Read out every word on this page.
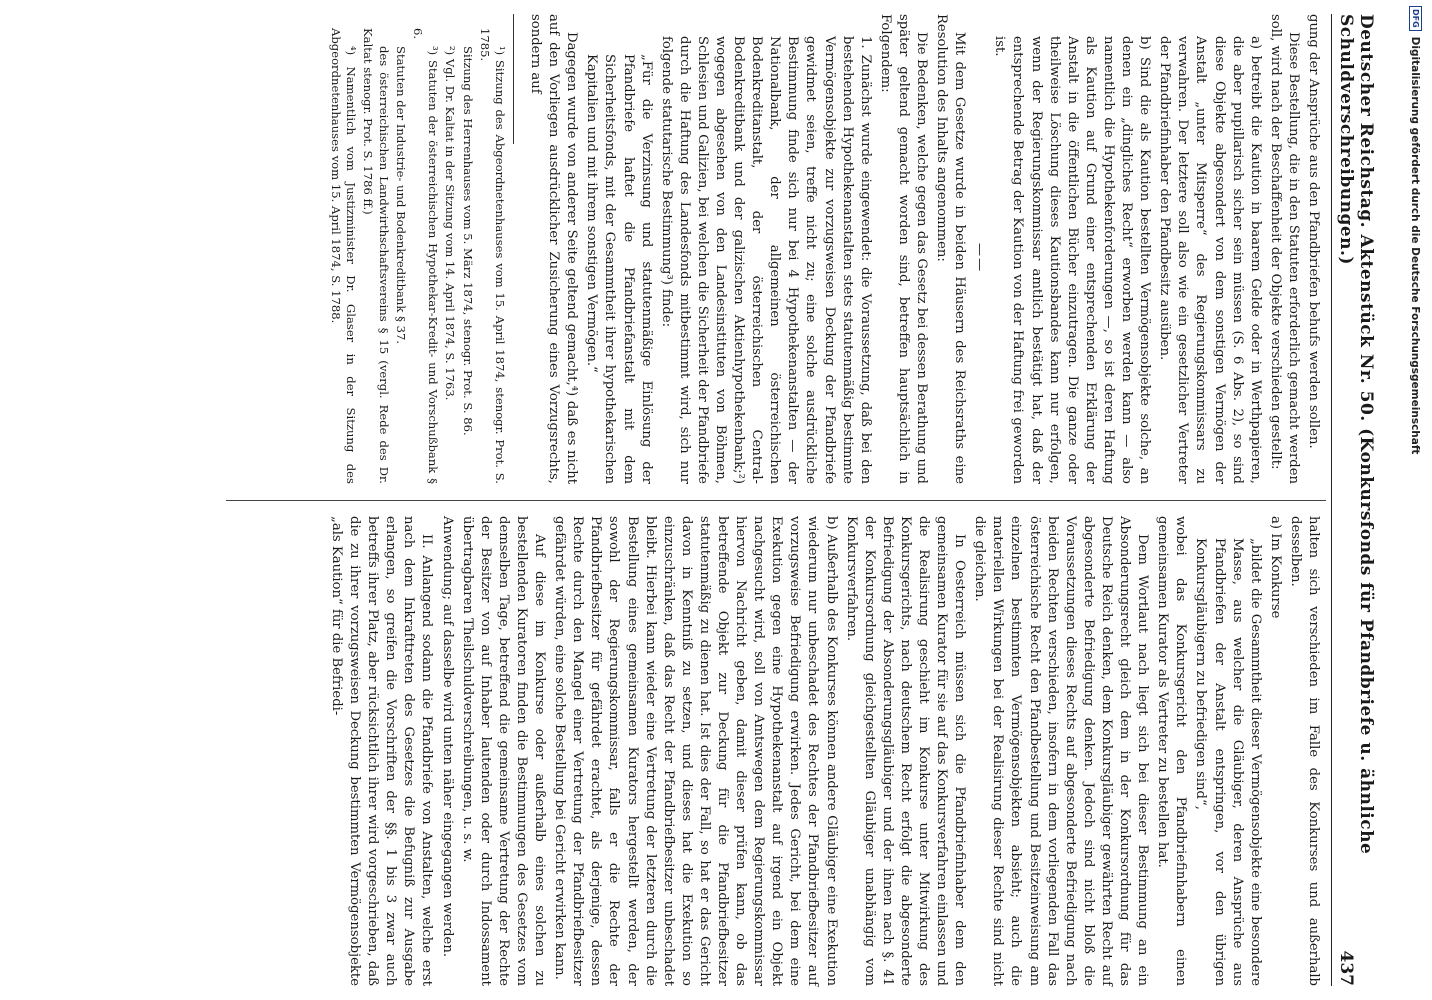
Deutscher Reichstag. Aktenstück Nr. 50. (Konkursfonds für Pfandbriefe u. ähnliche Schuldverschreibungen.)
437

gung der Ansprüche aus den Pfandbriefen behufs werden sollen.

Diese Bestellung, die in den Statuten erforderlich gemacht werden soll, wird nach der Beschaffenheit der Objekte verschieden gestellt:

a) betreibt die Kaution in baarem Gelde oder in Werthpapieren, die aber pupillarisch sicher sein müssen (S. 6 Abs. 2), so sind diese Objekte abgesondert von dem sonstigen Vermögen der Anstalt „unter Mitsperre“ des Regierungskommissars zu verwahren. Der letztere soll also wie ein gesetzlicher Vertreter der Pfandbriefinhaber den Pfandbesitz ausüben.

b) Sind die als Kaution bestellten Vermögensobjekte solche, an denen ein „dingliches Recht“ erworben werden kann — also namentlich die Hypothekenforderungen —, so ist deren Haftung als Kaution auf Grund einer entsprechenden Erklärung der Anstalt in die öffentlichen Bücher einzutragen. Die ganze oder theilweise Löschung dieses Kautionsbandes kann nur erfolgen, wenn der Regierungskommissar amtlich bestätigt hat, daß der entsprechende Betrag der Kaution von der Haftung frei geworden ist.

——

Mit dem Gesetze wurde in beiden Häusern des Reichsraths eine Resolution des Inhalts angenommen:

Die Bedenken, welche gegen das Gesetz bei dessen Berathung und später geltend gemacht worden sind, betreffen hauptsächlich in Folgendem:

1. Zunächst wurde eingewendet: die Voraussetzung, daß bei den bestehenden Hypothekenanstalten stets statutenmäßig bestimmte Vermögensobjekte zur vorzugsweisen Deckung der Pfandbriefe gewidmet seien, treffe nicht zu; eine solche ausdrückliche Bestimmung finde sich nur bei 4 Hypothekenanstalten — der Nationalbank, der allgemeinen österreichischen Bodenkreditanstalt, der österreichischen Central-Bodenkreditbank und der galizischen Aktienhypothekenbank;²) wogegen abgesehen von den Landesinstituten von Böhmen, Schlesien und Galizien, bei welchen die Sicherheit der Pfandbriefe durch die Haftung des Landesfonds mitbestimmt wird, sich nur folgende statutarische Bestimmung³) finde:

„Für die Verzinsung und statutenmäßige Einlösung der Pfandbriefe haftet die Pfandbriefanstalt mit dem Sicherheitsfonds, mit der Gesammtheit ihrer hypothekarischen Kapitalien und mit ihrem sonstigen Vermögen.“

Dagegen wurde von anderer Seite geltend gemacht,⁴) daß es nicht auf den Vorliegen ausdrücklicher Zusicherung eines Vorzugsrechts, sondern auf

¹) Sitzung des Abgeordnetenhauses vom 15. April 1874, stenogr. Prot. S. 1785.

Sitzung des Herrenhauses vom 5. März 1874, stenogr. Prot. S. 86.

²) Vgl. Dr. Kaltat in der Sitzung vom 14. April 1874, S. 1763.

³) Statuten der österreichischen Hypothekar-Kredit- und Vorschußbank § 6.

Statuten der Industrie- und Bodenkreditbank § 37.

des österreichischen Landwirthschaftsvereins § 15 (vergl. Rede des Dr. Kaltat stenogr. Prot. S. 1786 ff.)

⁴) Namentlich vom Justizminister Dr. Glaser in der Sitzung des Abgeordnetenhauses vom 15. April 1874, S. 1788.

halten sich verschieden im Falle des Konkurses und außerhalb desselben.

a) Im Konkurse

„bildet die Gesammtheit dieser Vermögensobjekte eine besondere Masse, aus welcher die Gläubiger, deren Ansprüche aus Pfandbriefen der Anstalt entspringen, vor den übrigen Konkursgläubigern zu befriedigen sind“,

wobei das Konkursgericht den Pfandbriefinhabern einen gemeinsamen Kurator als Vertreter zu bestellen hat.

Dem Wortlaut nach liegt sich bei dieser Bestimmung an ein Absonderungsrecht gleich dem in der Konkursordnung für das Deutsche Reich denken, dem Konkursgläubiger gewährten Recht auf abgesonderte Befriedigung denken. Jedoch sind nicht bloß die Voraussetzungen dieses Rechts auf abgesonderte Befriedigung nach beiden Rechten verschieden, insofern in dem vorliegenden Fall das österreichische Recht den Pfandbestellung und Besitzeinweisung am einzelnen bestimmten Vermögensobjekten absieht; auch die materiellen Wirkungen bei der Realisirung dieser Rechte sind nicht die gleichen.

In Oesterreich müssen sich die Pfandbriefinhaber dem den gemeinsamen Kurator für sie auf das Konkursverfahren einlassen und die Realisirung geschieht im Konkurse unter Mitwirkung des Konkursgerichts, nach deutschem Recht erfolgt die abgesonderte Befriedigung der Absonderungsgläubiger und der ihnen nach §. 41 der Konkursordnung gleichgestellten Gläubiger unabhängig vom Konkursverfahren.

b) Außerhalb des Konkurses können andere Gläubiger eine Exekution wiederum nur unbeschadet des Rechtes der Pfandbriefbesitzer auf vorzugsweise Befriedigung erwirken. Jedes Gericht, bei dem eine Exekution gegen eine Hypothekenanstalt auf irgend ein Objekt nachgesucht wird, soll von Amtswegen dem Regierungskommissar hiervon Nachricht geben, damit dieser prüfen kann, ob das betreffende Objekt zur Deckung für die Pfandbriefbesitzer statutenmäßig zu dienen hat. Ist dies der Fall, so hat er das Gericht davon in Kenntniß zu setzen, und dieses hat die Exekution so einzuschränken, daß das Recht der Pfandbriefbesitzer unbeschadet bleibt. Hierbei kann wieder eine Vertretung der letzteren durch die Bestellung eines gemeinsamen Kurators hergestellt werden, der sowohl der Regierungskommissar, falls er die Rechte der Pfandbriefbesitzer für gefährdet erachtet, als derjenige, dessen Rechte durch den Mangel einer Vertretung der Pfandbriefbesitzer gefährdet würden, eine solche Bestellung bei Gericht erwirken kann.

Auf diese im Konkurse oder außerhalb eines solchen zu bestellenden Kuratoren finden die Bestimmungen des Gesetzes vom demselben Tage, betreffend die gemeinsame Vertretung der Rechte der Besitzer von auf Inhaber lautenden oder durch Indossament übertragbaren Theilschuldverschreibungen, u. s. w.

Anwendung; auf dasselbe wird unten näher eingegangen werden.

II. Anlangend sodann die Pfandbriefe von Anstalten, welche erst nach dem Inkrafttreten des Gesetzes die Befugniß zur Ausgabe erlangen, so greifen die Vorschriften der §§. 1 bis 3 zwar auch betreffs ihrer Platz, aber rücksichtlich ihrer wird vorgeschrieben, daß die zu ihrer vorzugsweisen Deckung bestimmten Vermögensobjekte „als Kaution“ für die Befriedi-

DFG
Digitalisierung gefördert durch die Deutsche Forschungsgemeinschaft
